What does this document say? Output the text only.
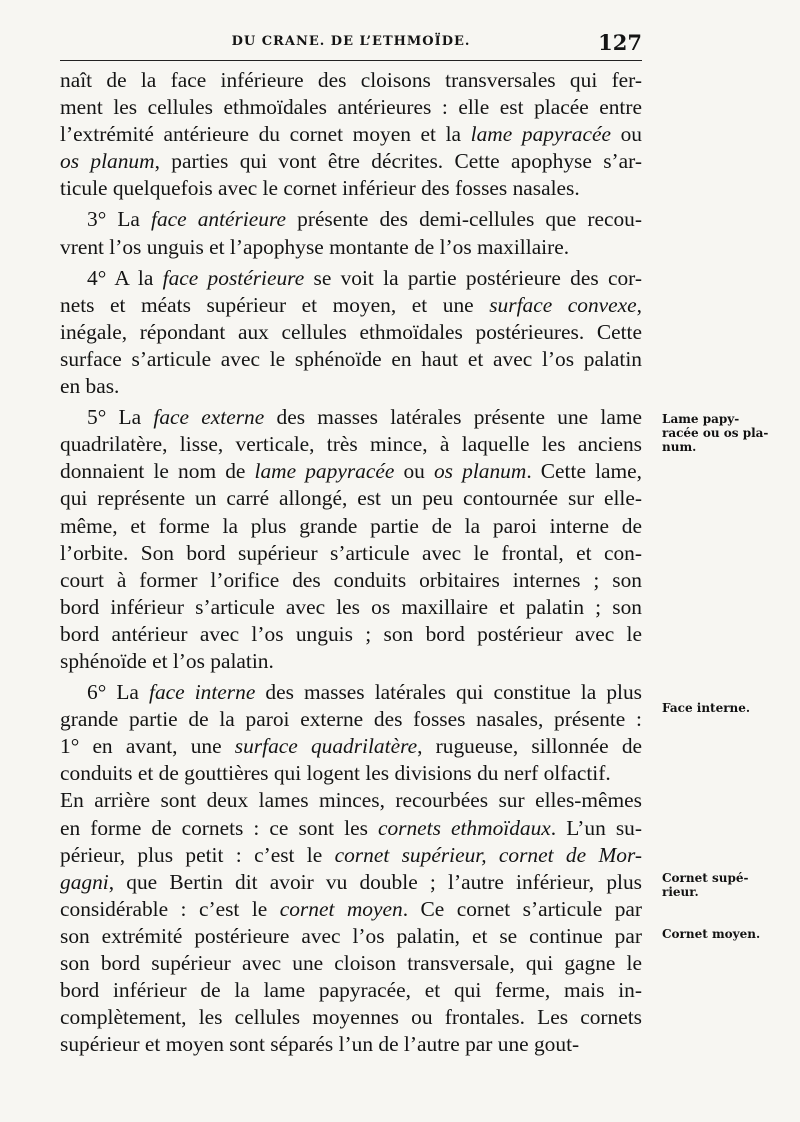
DU CRANE. DE L’ETHMOÏDE.	127
naît de la face inférieure des cloisons transversales qui fer-
ment les cellules ethmoïdales antérieures : elle est placée entre
l’extrémité antérieure du cornet moyen et la lame papyracée ou
os planum, parties qui vont être décrites. Cette apophyse s’ar-
ticule quelquefois avec le cornet inférieur des fosses nasales.
3° La face antérieure présente des demi-cellules que recou-
vrent l’os unguis et l’apophyse montante de l’os maxillaire.
4° A la face postérieure se voit la partie postérieure des cor-
nets et méats supérieur et moyen, et une surface convexe,
inégale, répondant aux cellules ethmoïdales postérieures. Cette
surface s’articule avec le sphénoïde en haut et avec l’os palatin
en bas.
5° La face externe des masses latérales présente une lame
quadrilatère, lisse, verticale, très mince, à laquelle les anciens
donnaient le nom de lame papyracée ou os planum. Cette lame,
qui représente un carré allongé, est un peu contournée sur elle-
même, et forme la plus grande partie de la paroi interne de
l’orbite. Son bord supérieur s’articule avec le frontal, et con-
court à former l’orifice des conduits orbitaires internes ; son
bord inférieur s’articule avec les os maxillaire et palatin ; son
bord antérieur avec l’os unguis ; son bord postérieur avec le
sphénoïde et l’os palatin.
6° La face interne des masses latérales qui constitue la plus
grande partie de la paroi externe des fosses nasales, présente :
1° en avant, une surface quadrilatère, rugueuse, sillonnée de
conduits et de gouttières qui logent les divisions du nerf olfactif.
En arrière sont deux lames minces, recourbées sur elles-mêmes
en forme de cornets : ce sont les cornets ethmoïdaux. L’un su-
périeur, plus petit : c’est le cornet supérieur, cornet de Mor-
gagni, que Bertin dit avoir vu double ; l’autre inférieur, plus
considérable : c’est le cornet moyen. Ce cornet s’articule par
son extrémité postérieure avec l’os palatin, et se continue par
son bord supérieur avec une cloison transversale, qui gagne le
bord inférieur de la lame papyracée, et qui ferme, mais in-
complètement, les cellules moyennes ou frontales. Les cornets
supérieur et moyen sont séparés l’un de l’autre par une gout-
Lame papy-
racée ou os pla-
num.
Face interne.
Cornet supé-
rieur.
Cornet moyen.
